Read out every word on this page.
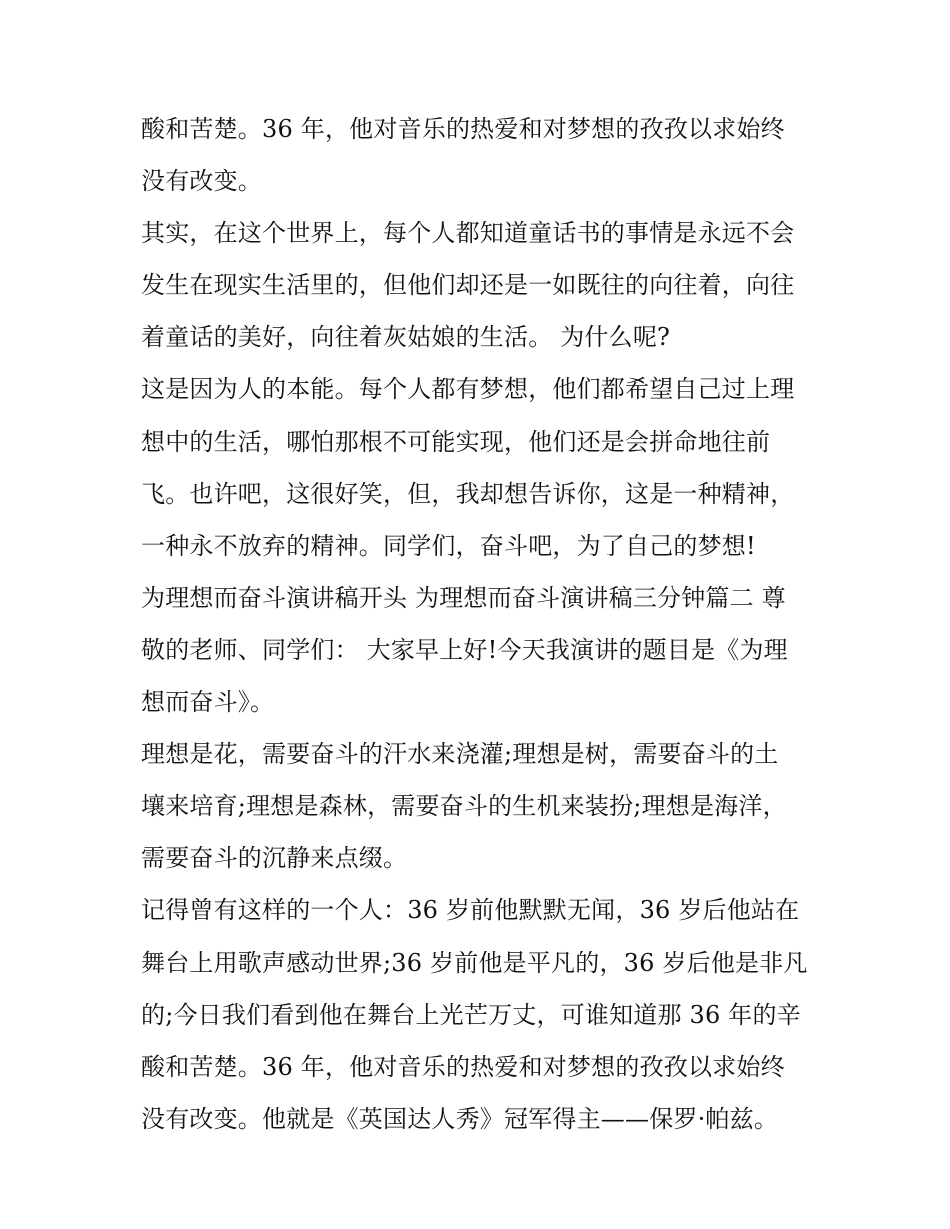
酸和苦楚。36 年，他对音乐的热爱和对梦想的孜孜以求始终
没有改变。
其实，在这个世界上，每个人都知道童话书的事情是永远不会
发生在现实生活里的，但他们却还是一如既往的向往着，向往
着童话的美好，向往着灰姑娘的生活。 为什么呢?
这是因为人的本能。每个人都有梦想，他们都希望自己过上理
想中的生活，哪怕那根不可能实现，他们还是会拼命地往前
飞。也许吧，这很好笑，但，我却想告诉你，这是一种精神，
一种永不放弃的精神。同学们，奋斗吧，为了自己的梦想!
为理想而奋斗演讲稿开头 为理想而奋斗演讲稿三分钟篇二 尊
敬的老师、同学们： 大家早上好!今天我演讲的题目是《为理
想而奋斗》。
理想是花，需要奋斗的汗水来浇灌;理想是树，需要奋斗的土
壤来培育;理想是森林，需要奋斗的生机来装扮;理想是海洋，
需要奋斗的沉静来点缀。
记得曾有这样的一个人：36 岁前他默默无闻，36 岁后他站在
舞台上用歌声感动世界;36 岁前他是平凡的，36 岁后他是非凡
的;今日我们看到他在舞台上光芒万丈，可谁知道那 36 年的辛
酸和苦楚。36 年，他对音乐的热爱和对梦想的孜孜以求始终
没有改变。他就是《英国达人秀》冠军得主——保罗·帕兹。
